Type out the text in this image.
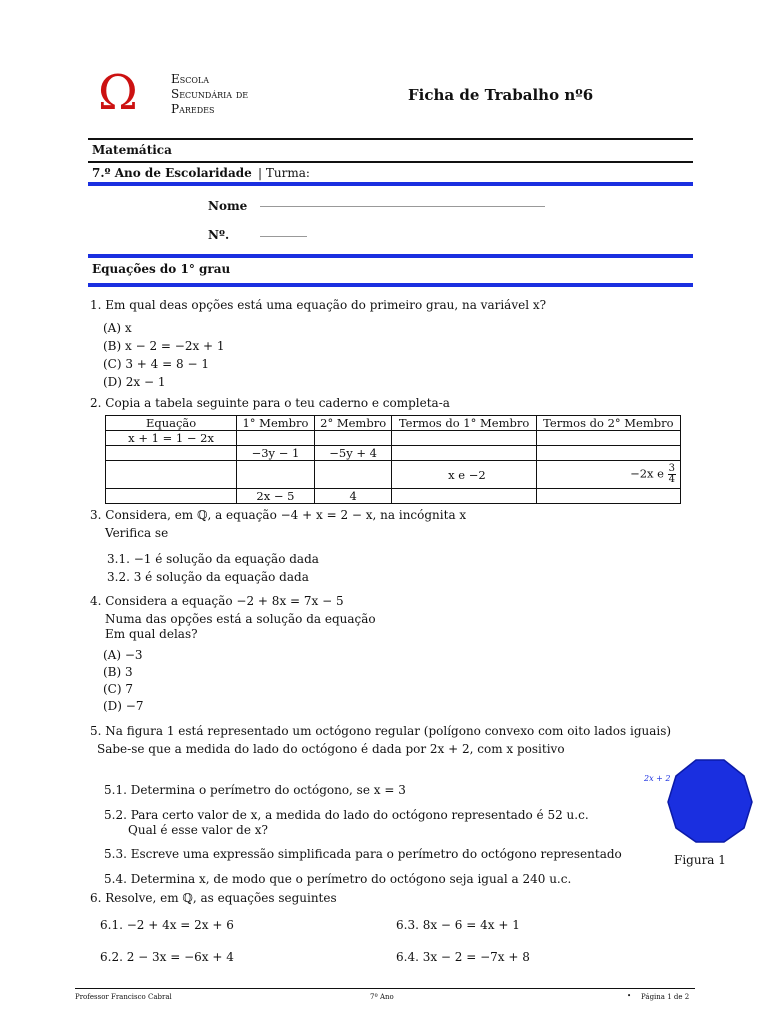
Ω	Escola
Secundária de
Paredes
Ficha de Trabalho nº6
Matemática
7.º Ano de Escolaridade | Turma:
Nome
Nº.
Equações do 1° grau
1. Em qual deas opções está uma equação do primeiro grau, na variável x?
(A) x
(B) x − 2 = −2x + 1
(C) 3 + 4 = 8 − 1
(D) 2x − 1
2. Copia a tabela seguinte para o teu caderno e completa-a
Equação	1° Membro	2° Membro	Termos do 1° Membro	Termos do 2° Membro
x + 1 = 1 − 2x				
	−3y − 1	−5y + 4		
			x e −2	−2x e $\frac{3}{4}$

	2x − 5	4		
3. Considera, em ℚ, a equação −4 + x = 2 − x, na incógnita x
Verifica se
3.1. −1 é solução da equação dada
3.2. 3 é solução da equação dada
4. Considera a equação −2 + 8x = 7x − 5
Numa das opções está a solução da equação
Em qual delas?
(A) −3
(B) 3
(C) 7
(D) −7
5. Na figura 1 está representado um octógono regular (polígono convexo com oito lados iguais)
Sabe-se que a medida do lado do octógono é dada por 2x + 2, com x positivo
5.1. Determina o perímetro do octógono, se x = 3
5.2. Para certo valor de x, a medida do lado do octógono representado é 52 u.c.
Qual é esse valor de x?
5.3. Escreve uma expressão simplificada para o perímetro do octógono representado
5.4. Determina x, de modo que o perímetro do octógono seja igual a 240 u.c.
2x + 2
Figura 1
6. Resolve, em ℚ, as equações seguintes
6.1. −2 + 4x = 2x + 6
6.2. 2 − 3x = −6x + 4
6.3. 8x − 6 = 4x + 1
6.4. 3x − 2 = −7x + 8
Professor Francisco Cabral	7º Ano	• Página 1 de 2
